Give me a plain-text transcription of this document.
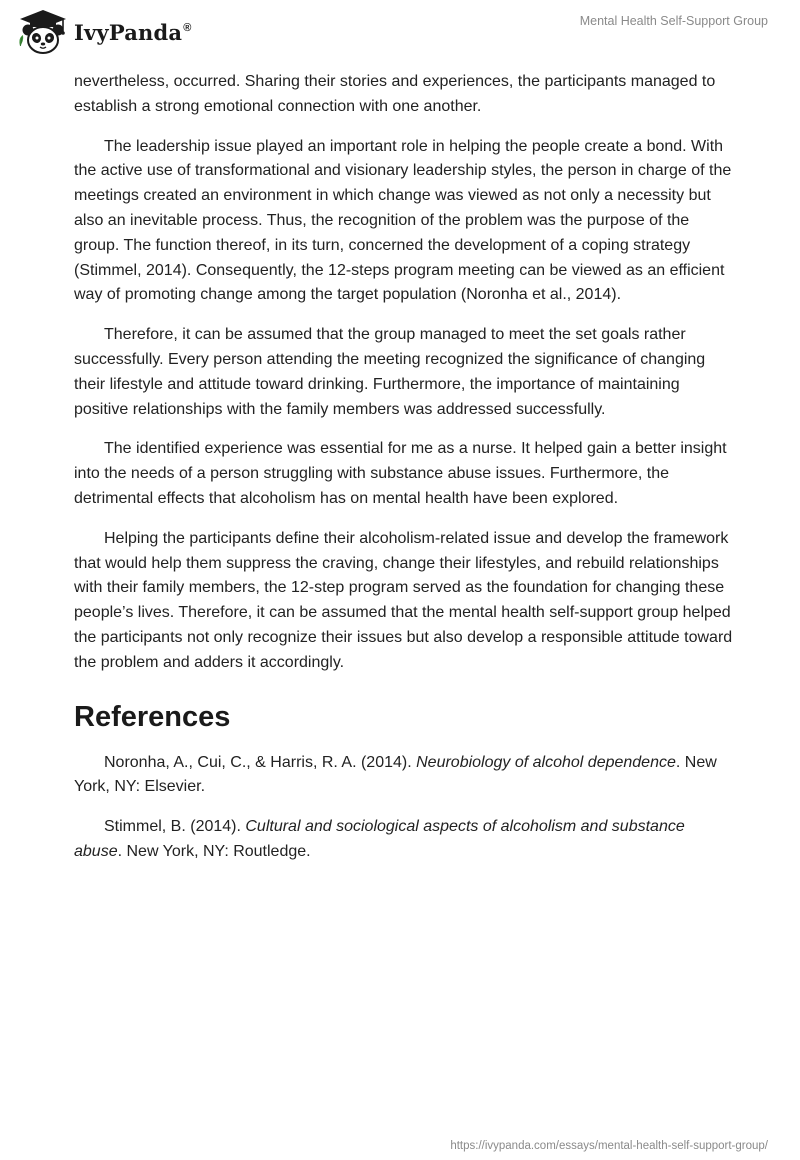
IvyPanda®	Mental Health Self-Support Group

nevertheless, occurred. Sharing their stories and experiences, the participants managed to establish a strong emotional connection with one another.

The leadership issue played an important role in helping the people create a bond. With the active use of transformational and visionary leadership styles, the person in charge of the meetings created an environment in which change was viewed as not only a necessity but also an inevitable process. Thus, the recognition of the problem was the purpose of the group. The function thereof, in its turn, concerned the development of a coping strategy (Stimmel, 2014). Consequently, the 12-steps program meeting can be viewed as an efficient way of promoting change among the target population (Noronha et al., 2014).

Therefore, it can be assumed that the group managed to meet the set goals rather successfully. Every person attending the meeting recognized the significance of changing their lifestyle and attitude toward drinking. Furthermore, the importance of maintaining positive relationships with the family members was addressed successfully.

The identified experience was essential for me as a nurse. It helped gain a better insight into the needs of a person struggling with substance abuse issues. Furthermore, the detrimental effects that alcoholism has on mental health have been explored.

Helping the participants define their alcoholism-related issue and develop the framework that would help them suppress the craving, change their lifestyles, and rebuild relationships with their family members, the 12-step program served as the foundation for changing these people’s lives. Therefore, it can be assumed that the mental health self-support group helped the participants not only recognize their issues but also develop a responsible attitude toward the problem and adders it accordingly.

References

Noronha, A., Cui, C., & Harris, R. A. (2014). Neurobiology of alcohol dependence. New York, NY: Elsevier.

Stimmel, B. (2014). Cultural and sociological aspects of alcoholism and substance abuse. New York, NY: Routledge.

https://ivypanda.com/essays/mental-health-self-support-group/
